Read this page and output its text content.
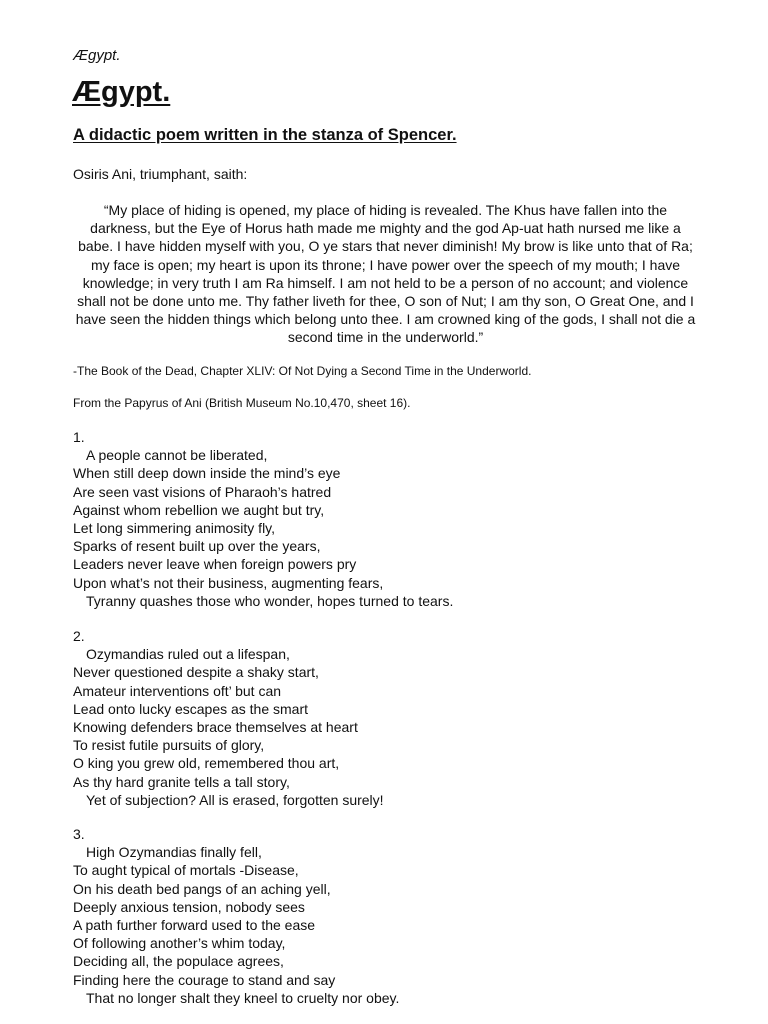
Ægypt.
Ægypt.
A didactic poem written in the stanza of Spencer.
Osiris Ani, triumphant, saith:

“My place of hiding is opened, my place of hiding is revealed. The Khus have fallen into the darkness, but the Eye of Horus hath made me mighty and the god Ap-uat hath nursed me like a babe. I have hidden myself with you, O ye stars that never diminish! My brow is like unto that of Ra; my face is open; my heart is upon its throne; I have power over the speech of my mouth; I have knowledge; in very truth I am Ra himself. I am not held to be a person of no account; and violence shall not be done unto me. Thy father liveth for thee, O son of Nut; I am thy son, O Great One, and I have seen the hidden things which belong unto thee. I am crowned king of the gods, I shall not die a second time in the underworld.”

-The Book of the Dead, Chapter XLIV: Of Not Dying a Second Time in the Underworld.
From the Papyrus of Ani (British Museum No.10,470, sheet 16).
1.
A people cannot be liberated,
When still deep down inside the mind’s eye
Are seen vast visions of Pharaoh’s hatred
Against whom rebellion we aught but try,
Let long simmering animosity fly,
Sparks of resent built up over the years,
Leaders never leave when foreign powers pry
Upon what’s not their business, augmenting fears,
Tyranny quashes those who wonder, hopes turned to tears.
2.
Ozymandias ruled out a lifespan,
Never questioned despite a shaky start,
Amateur interventions oft’ but can
Lead onto lucky escapes as the smart
Knowing defenders brace themselves at heart
To resist futile pursuits of glory,
O king you grew old, remembered thou art,
As thy hard granite tells a tall story,
Yet of subjection? All is erased, forgotten surely!
3.
High Ozymandias finally fell,
To aught typical of mortals -Disease,
On his death bed pangs of an aching yell,
Deeply anxious tension, nobody sees
A path further forward used to the ease
Of following another’s whim today,
Deciding all, the populace agrees,
Finding here the courage to stand and say
That no longer shalt they kneel to cruelty nor obey.
